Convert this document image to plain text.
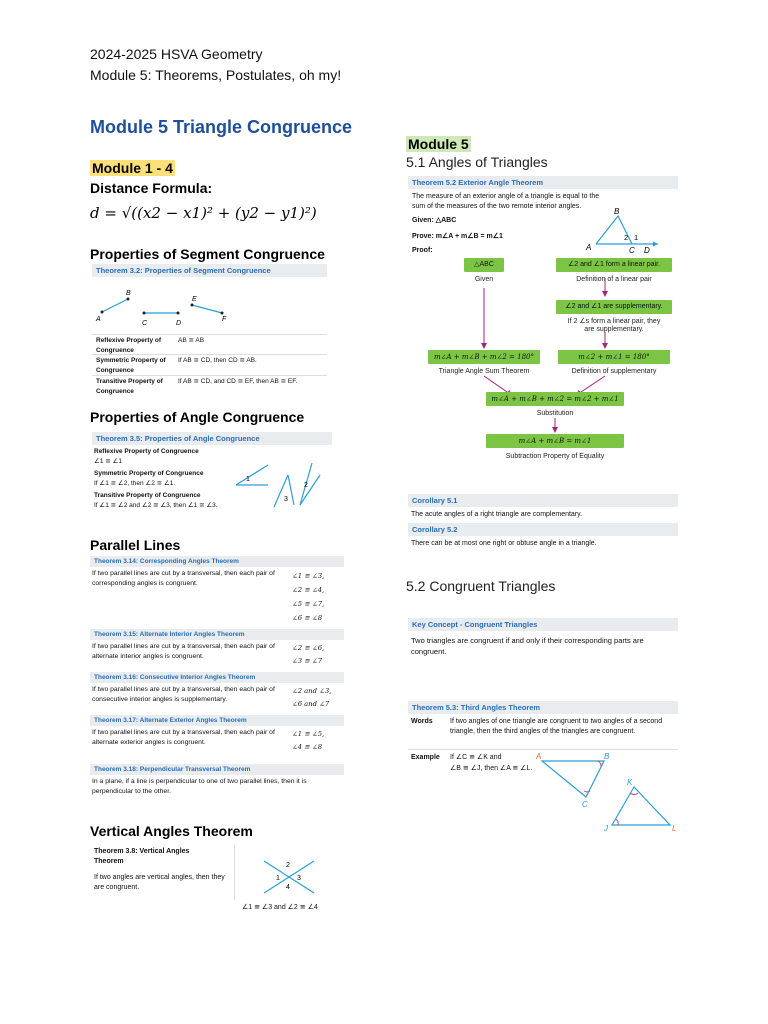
2024-2025 HSVA Geometry
Module 5: Theorems, Postulates, oh my!
Module 5 Triangle Congruence
Module 1 - 4
Distance Formula:
d = √((x2 − x1)² + (y2 − y1)²)
Properties of Segment Congruence
Theorem 3.2: Properties of Segment Congruence
A
B
C	D
E
F
Reflexive Property of Congruence
AB ≅ AB
Symmetric Property of Congruence
If AB ≅ CD, then CD ≅ AB.
Transitive Property of Congruence
If AB ≅ CD, and CD ≅ EF, then AB ≅ EF.
Properties of Angle Congruence
Theorem 3.5: Properties of Angle Congruence
Reflexive Property of Congruence
∠1 ≅ ∠1
Symmetric Property of Congruence
If ∠1 ≅ ∠2, then ∠2 ≅ ∠1.
Transitive Property of Congruence
If ∠1 ≅ ∠2 and ∠2 ≅ ∠3, then ∠1 ≅ ∠3.
1
2
3
Parallel Lines
Theorem 3.14: Corresponding Angles Theorem
If two parallel lines are cut by a transversal, then each pair of corresponding angles is congruent.
∠1 ≅ ∠3,
∠2 ≅ ∠4,
∠5 ≅ ∠7,
∠6 ≅ ∠8
Theorem 3.15: Alternate Interior Angles Theorem
If two parallel lines are cut by a transversal, then each pair of alternate interior angles is congruent.
∠2 ≅ ∠6,
∠3 ≅ ∠7
Theorem 3.16: Consecutive Interior Angles Theorem
If two parallel lines are cut by a transversal, then each pair of consecutive interior angles is supplementary.
∠2 and ∠3,
∠6 and ∠7
Theorem 3.17: Alternate Exterior Angles Theorem
If two parallel lines are cut by a transversal, then each pair of alternate exterior angles is congruent.
∠1 ≅ ∠5,
∠4 ≅ ∠8
Theorem 3.18: Perpendicular Transversal Theorem
In a plane, if a line is perpendicular to one of two parallel lines, then it is perpendicular to the other.
Vertical Angles Theorem
Theorem 3.8: Vertical Angles Theorem
If two angles are vertical angles, then they are congruent.
2
1 3
4
∠1 ≅ ∠3 and ∠2 ≅ ∠4
Module 5
5.1 Angles of Triangles
Theorem 5.2 Exterior Angle Theorem
The measure of an exterior angle of a triangle is equal to the sum of the measures of the two remote interior angles.
Given: △ABC
Prove: m∠A + m∠B = m∠1
Proof:
B
A	C D
2 1
△ABC
Given
∠2 and ∠1 form a linear pair.
Definition of a linear pair
∠2 and ∠1 are supplementary.
If 2 ∠s form a linear pair, they are supplementary.
m∠A + m∠B + m∠2 = 180°
Triangle Angle Sum Theorem
m∠2 + m∠1 = 180°
Definition of supplementary
m∠A + m∠B + m∠2 = m∠2 + m∠1
Substitution
m∠A + m∠B = m∠1
Subtraction Property of Equality
Corollary 5.1
The acute angles of a right triangle are complementary.
Corollary 5.2
There can be at most one right or obtuse angle in a triangle.
5.2 Congruent Triangles
Key Concept - Congruent Triangles
Two triangles are congruent if and only if their corresponding parts are congruent.
Theorem 5.3: Third Angles Theorem
Words If two angles of one triangle are congruent to two angles of a second triangle, then the third angles of the triangles are congruent.
Example If ∠C ≅ ∠K and
∠B ≅ ∠J, then ∠A ≅ ∠L.
A	B
C
K
J	L
